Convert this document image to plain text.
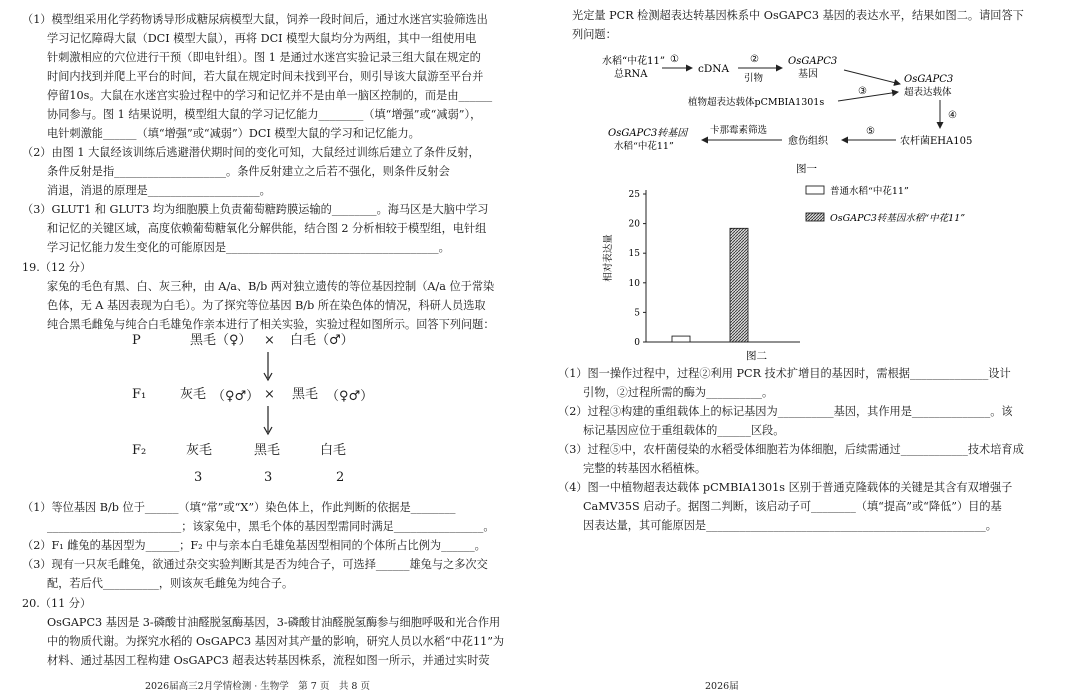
（1）模型组采用化学药物诱导形成糖尿病模型大鼠，饲养一段时间后，通过水迷宫实验筛选出
学习记忆障碍大鼠（DCI 模型大鼠），再将 DCI 模型大鼠均分为两组，其中一组使用电
针刺激相应的穴位进行干预（即电针组）。图 1 是通过水迷宫实验记录三组大鼠在规定的
时间内找到并爬上平台的时间，若大鼠在规定时间未找到平台，则引导该大鼠游至平台并
停留10s。大鼠在水迷宫实验过程中的学习和记忆并不是由单一脑区控制的，而是由______
协同参与。图 1 结果说明，模型组大鼠的学习记忆能力________（填“增强”或“减弱”），
电针刺激能______（填“增强”或“减弱”）DCI 模型大鼠的学习和记忆能力。
（2）由图 1 大鼠经该训练后逃避潜伏期时间的变化可知，大鼠经过训练后建立了条件反射，
条件反射是指____________________。条件反射建立之后若不强化，则条件反射会
消退，消退的原理是____________________。
（3）GLUT1 和 GLUT3 均为细胞膜上负责葡萄糖跨膜运输的________。海马区是大脑中学习
和记忆的关键区域，高度依赖葡萄糖氧化分解供能，结合图 2 分析相较于模型组，电针组
学习记忆能力发生变化的可能原因是______________________________________。
19.（12 分）
家兔的毛色有黑、白、灰三种，由 A/a、B/b 两对独立遗传的等位基因控制（A/a 位于常染
色体，无 A 基因表现为白毛）。为了探究等位基因 B/b 所在染色体的情况，科研人员选取
纯合黑毛雌兔与纯合白毛雄兔作亲本进行了相关实验，实验过程如图所示。回答下列问题：
P	黑毛（♀） × 白毛（♂）
F₁	灰毛 （♀♂） × 黑毛 （♀♂）
F₂	灰毛	黑毛	白毛
3	3	2
（1）等位基因 B/b 位于______（填“常”或“X”）染色体上，作此判断的依据是________
________________________；该家兔中，黑毛个体的基因型需同时满足________________。
（2）F₁ 雌兔的基因型为______；F₂ 中与亲本白毛雄兔基因型相同的个体所占比例为______。
（3）现有一只灰毛雌兔，欲通过杂交实验判断其是否为纯合子，可选择______雄兔与之多次交
配，若后代__________，则该灰毛雌兔为纯合子。
20.（11 分）
OsGAPC3 基因是 3-磷酸甘油醛脱氢酶基因，3-磷酸甘油醛脱氢酶参与细胞呼吸和光合作用
中的物质代谢。为探究水稻的 OsGAPC3 基因对其产量的影响，研究人员以水稻“中花11”为
材料、通过基因工程构建 OsGAPC3 超表达转基因株系，流程如图一所示，并通过实时荧
2026届高三2月学情检测 · 生物学　第 7 页　共 8 页
光定量 PCR 检测超表达转基因株系中 OsGAPC3 基因的表达水平，结果如图二。请回答下
列问题：
水稻“中花11”
总RNA
①
cDNA
②
引物
OsGAPC3
基因
③
植物超表达载体pCMBIA1301s
OsGAPC3
超表达载体
④
农杆菌EHA105
⑤
愈伤组织
卡那霉素筛选
OsGAPC3转基因
水稻“中花11”
图一
相对表达量
0
5
10
15
20
25	普通水稻“中花11”
OsGAPC3转基因水稻“中花11”
图二
（1）图一操作过程中，过程②利用 PCR 技术扩增目的基因时，需根据______________设计
引物，②过程所需的酶为__________。
（2）过程③构建的重组载体上的标记基因为__________基因，其作用是______________。该
标记基因应位于重组载体的______区段。
（3）过程⑤中，农杆菌侵染的水稻受体细胞若为体细胞，后续需通过____________技术培育成
完整的转基因水稻植株。
（4）图一中植物超表达载体 pCMBIA1301s 区别于普通克隆载体的关键是其含有双增强子
CaMV35S 启动子。据图二判断，该启动子可________（填“提高”或“降低”）目的基
因表达量，其可能原因是__________________________________________________。
2026届
